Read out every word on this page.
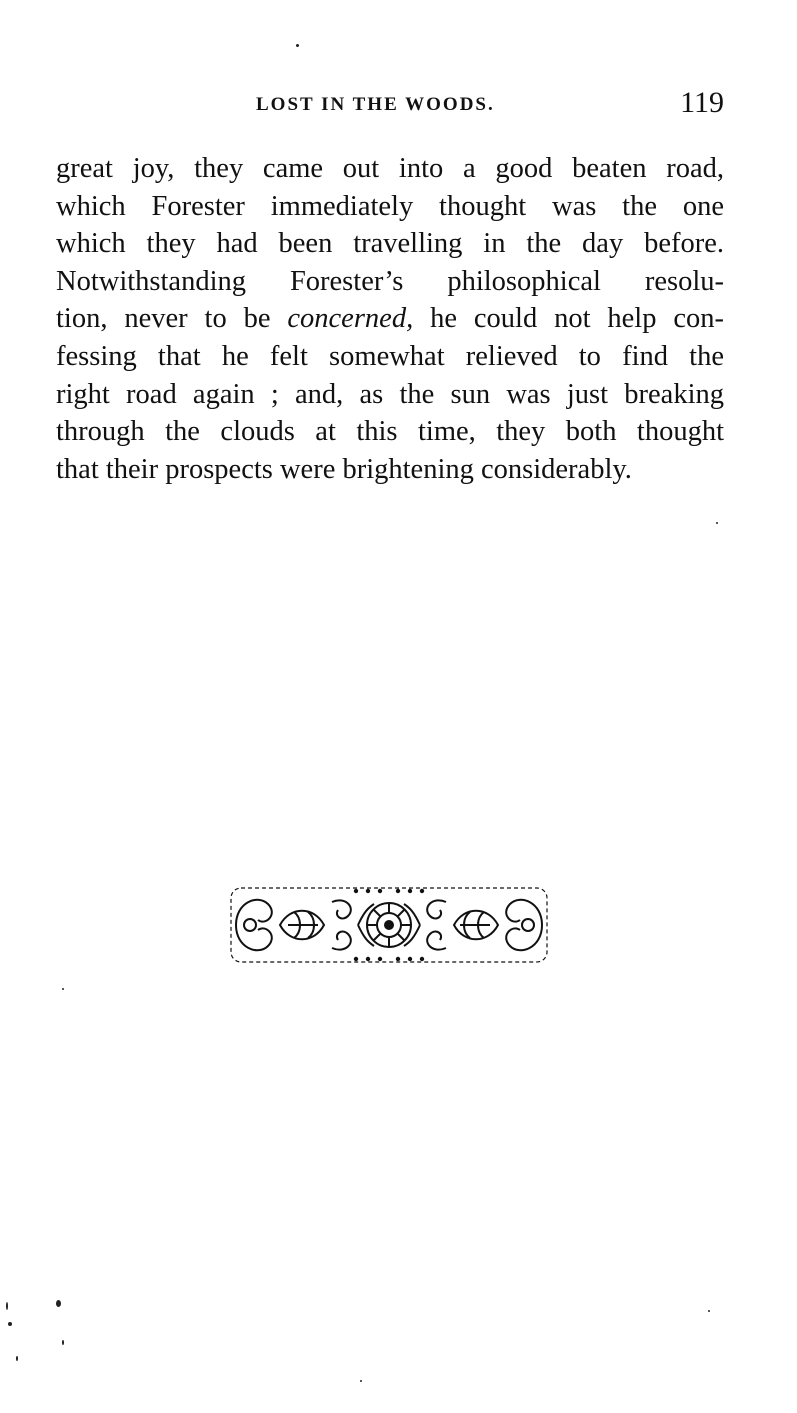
LOST IN THE WOODS.	119
great joy, they came out into a good beaten road,
which Forester immediately thought was the one
which they had been travelling in the day before.
Notwithstanding Forester’s philosophical resolu-
tion, never to be concerned, he could not help con-
fessing that he felt somewhat relieved to find the
right road again ; and, as the sun was just breaking
through the clouds at this time, they both thought
that their prospects were brightening considerably.
